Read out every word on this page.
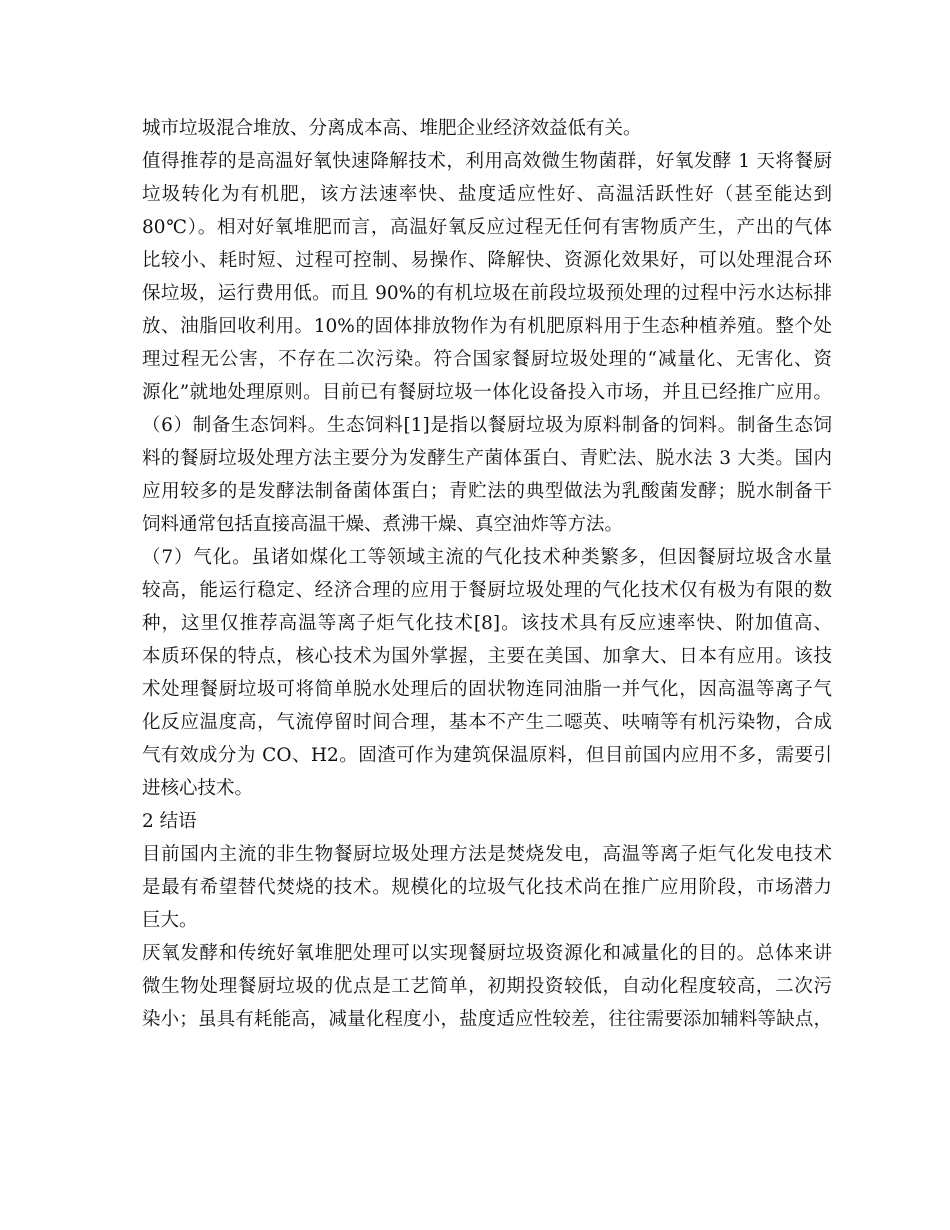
城市垃圾混合堆放、分离成本高、堆肥企业经济效益低有关。
值得推荐的是高温好氧快速降解技术，利用高效微生物菌群，好氧发酵 1 天将餐厨
垃圾转化为有机肥，该方法速率快、盐度适应性好、高温活跃性好（甚至能达到
80℃）。相对好氧堆肥而言，高温好氧反应过程无任何有害物质产生，产出的气体
比较小、耗时短、过程可控制、易操作、降解快、资源化效果好，可以处理混合环
保垃圾，运行费用低。而且 90%的有机垃圾在前段垃圾预处理的过程中污水达标排
放、油脂回收利用。10%的固体排放物作为有机肥原料用于生态种植养殖。整个处
理过程无公害，不存在二次污染。符合国家餐厨垃圾处理的“减量化、无害化、资
源化”就地处理原则。目前已有餐厨垃圾一体化设备投入市场，并且已经推广应用。
（6）制备生态饲料。生态饲料[1]是指以餐厨垃圾为原料制备的饲料。制备生态饲
料的餐厨垃圾处理方法主要分为发酵生产菌体蛋白、青贮法、脱水法 3 大类。国内
应用较多的是发酵法制备菌体蛋白；青贮法的典型做法为乳酸菌发酵；脱水制备干
饲料通常包括直接高温干燥、煮沸干燥、真空油炸等方法。
（7）气化。虽诸如煤化工等领域主流的气化技术种类繁多，但因餐厨垃圾含水量
较高，能运行稳定、经济合理的应用于餐厨垃圾处理的气化技术仅有极为有限的数
种，这里仅推荐高温等离子炬气化技术[8]。该技术具有反应速率快、附加值高、
本质环保的特点，核心技术为国外掌握，主要在美国、加拿大、日本有应用。该技
术处理餐厨垃圾可将简单脱水处理后的固状物连同油脂一并气化，因高温等离子气
化反应温度高，气流停留时间合理，基本不产生二噁英、呋喃等有机污染物，合成
气有效成分为 CO、H2。固渣可作为建筑保温原料，但目前国内应用不多，需要引
进核心技术。
2 结语
目前国内主流的非生物餐厨垃圾处理方法是焚烧发电，高温等离子炬气化发电技术
是最有希望替代焚烧的技术。规模化的垃圾气化技术尚在推广应用阶段，市场潜力
巨大。
厌氧发酵和传统好氧堆肥处理可以实现餐厨垃圾资源化和减量化的目的。总体来讲
微生物处理餐厨垃圾的优点是工艺简单，初期投资较低，自动化程度较高，二次污
染小；虽具有耗能高，减量化程度小，盐度适应性较差，往往需要添加辅料等缺点，
